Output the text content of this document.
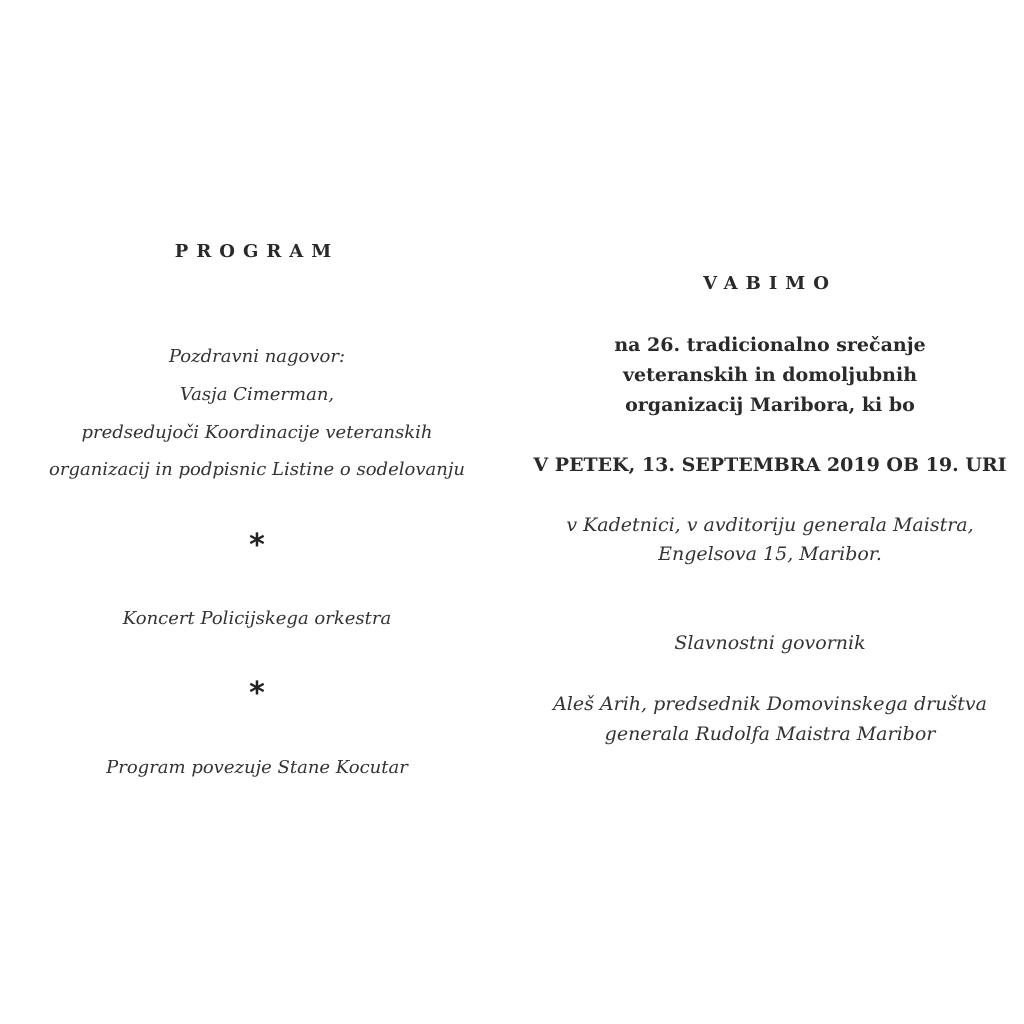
PROGRAM
Pozdravni nagovor:
Vasja Cimerman,
predsedujoči Koordinacije veteranskih
organizacij in podpisnic Listine o sodelovanju
*
Koncert Policijskega orkestra
*
Program povezuje Stane Kocutar
VABIMO
na 26. tradicionalno srečanje
veteranskih in domoljubnih
organizacij Maribora, ki bo
V PETEK, 13. SEPTEMBRA 2019 OB 19. URI
v Kadetnici, v avditoriju generala Maistra,
Engelsova 15, Maribor.
Slavnostni govornik
Aleš Arih, predsednik Domovinskega društva
generala Rudolfa Maistra Maribor
